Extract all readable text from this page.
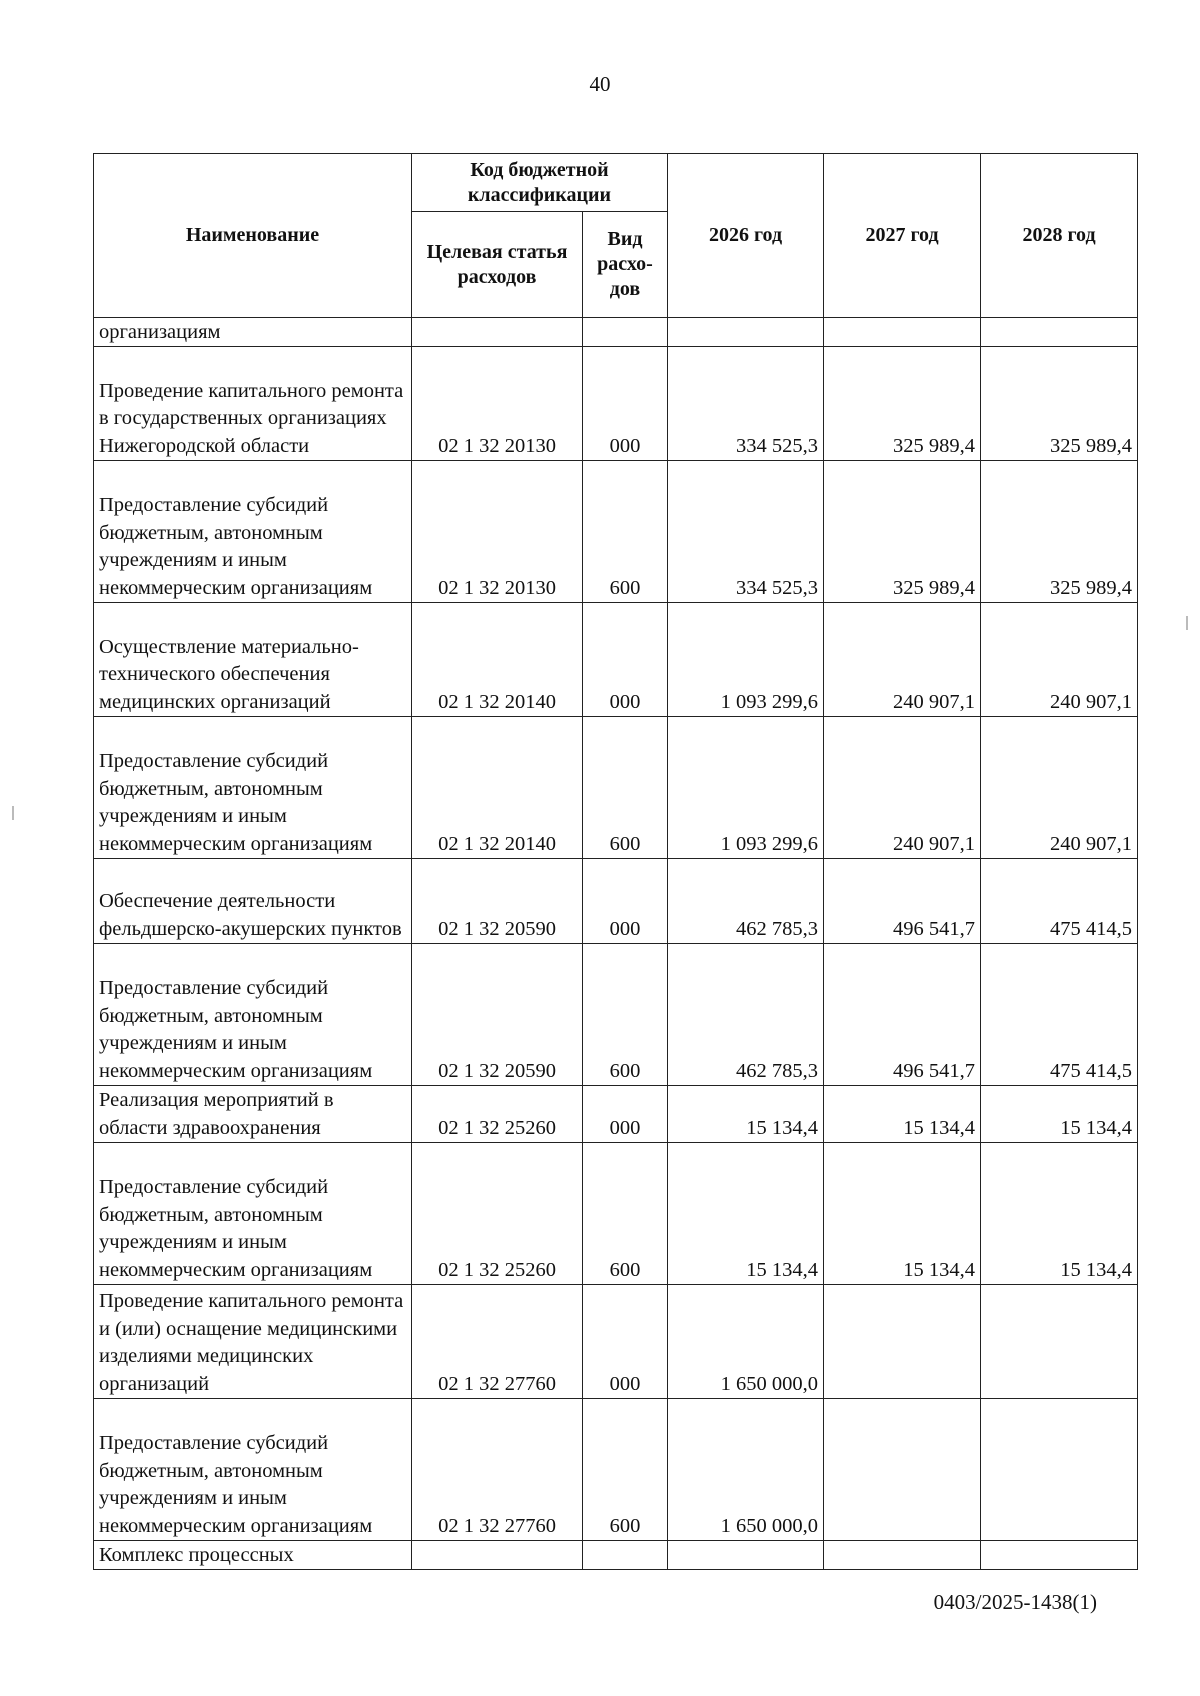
40
Наименование	Код бюджетной классификации		2026 год	2027 год	2028 год
	Целевая статья расходов	Вид расхо-дов			
организациям					
Проведение капитального ремонта в государственных организациях Нижегородской области	02 1 32 20130	000	334 525,3	325 989,4	325 989,4
Предоставление субсидий бюджетным, автономным учреждениям и иным некоммерческим организациям	02 1 32 20130	600	334 525,3	325 989,4	325 989,4
Осуществление материально-технического обеспечения медицинских организаций	02 1 32 20140	000	1 093 299,6	240 907,1	240 907,1
Предоставление субсидий бюджетным, автономным учреждениям и иным некоммерческим организациям	02 1 32 20140	600	1 093 299,6	240 907,1	240 907,1
Обеспечение деятельности фельдшерско-акушерских пунктов	02 1 32 20590	000	462 785,3	496 541,7	475 414,5
Предоставление субсидий бюджетным, автономным учреждениям и иным некоммерческим организациям	02 1 32 20590	600	462 785,3	496 541,7	475 414,5
Реализация мероприятий в области здравоохранения	02 1 32 25260	000	15 134,4	15 134,4	15 134,4
Предоставление субсидий бюджетным, автономным учреждениям и иным некоммерческим организациям	02 1 32 25260	600	15 134,4	15 134,4	15 134,4
Проведение капитального ремонта и (или) оснащение медицинскими изделиями медицинских организаций	02 1 32 27760	000	1 650 000,0		
Предоставление субсидий бюджетным, автономным учреждениям и иным некоммерческим организациям	02 1 32 27760	600	1 650 000,0		
Комплекс процессных					
0403/2025-1438(1)
